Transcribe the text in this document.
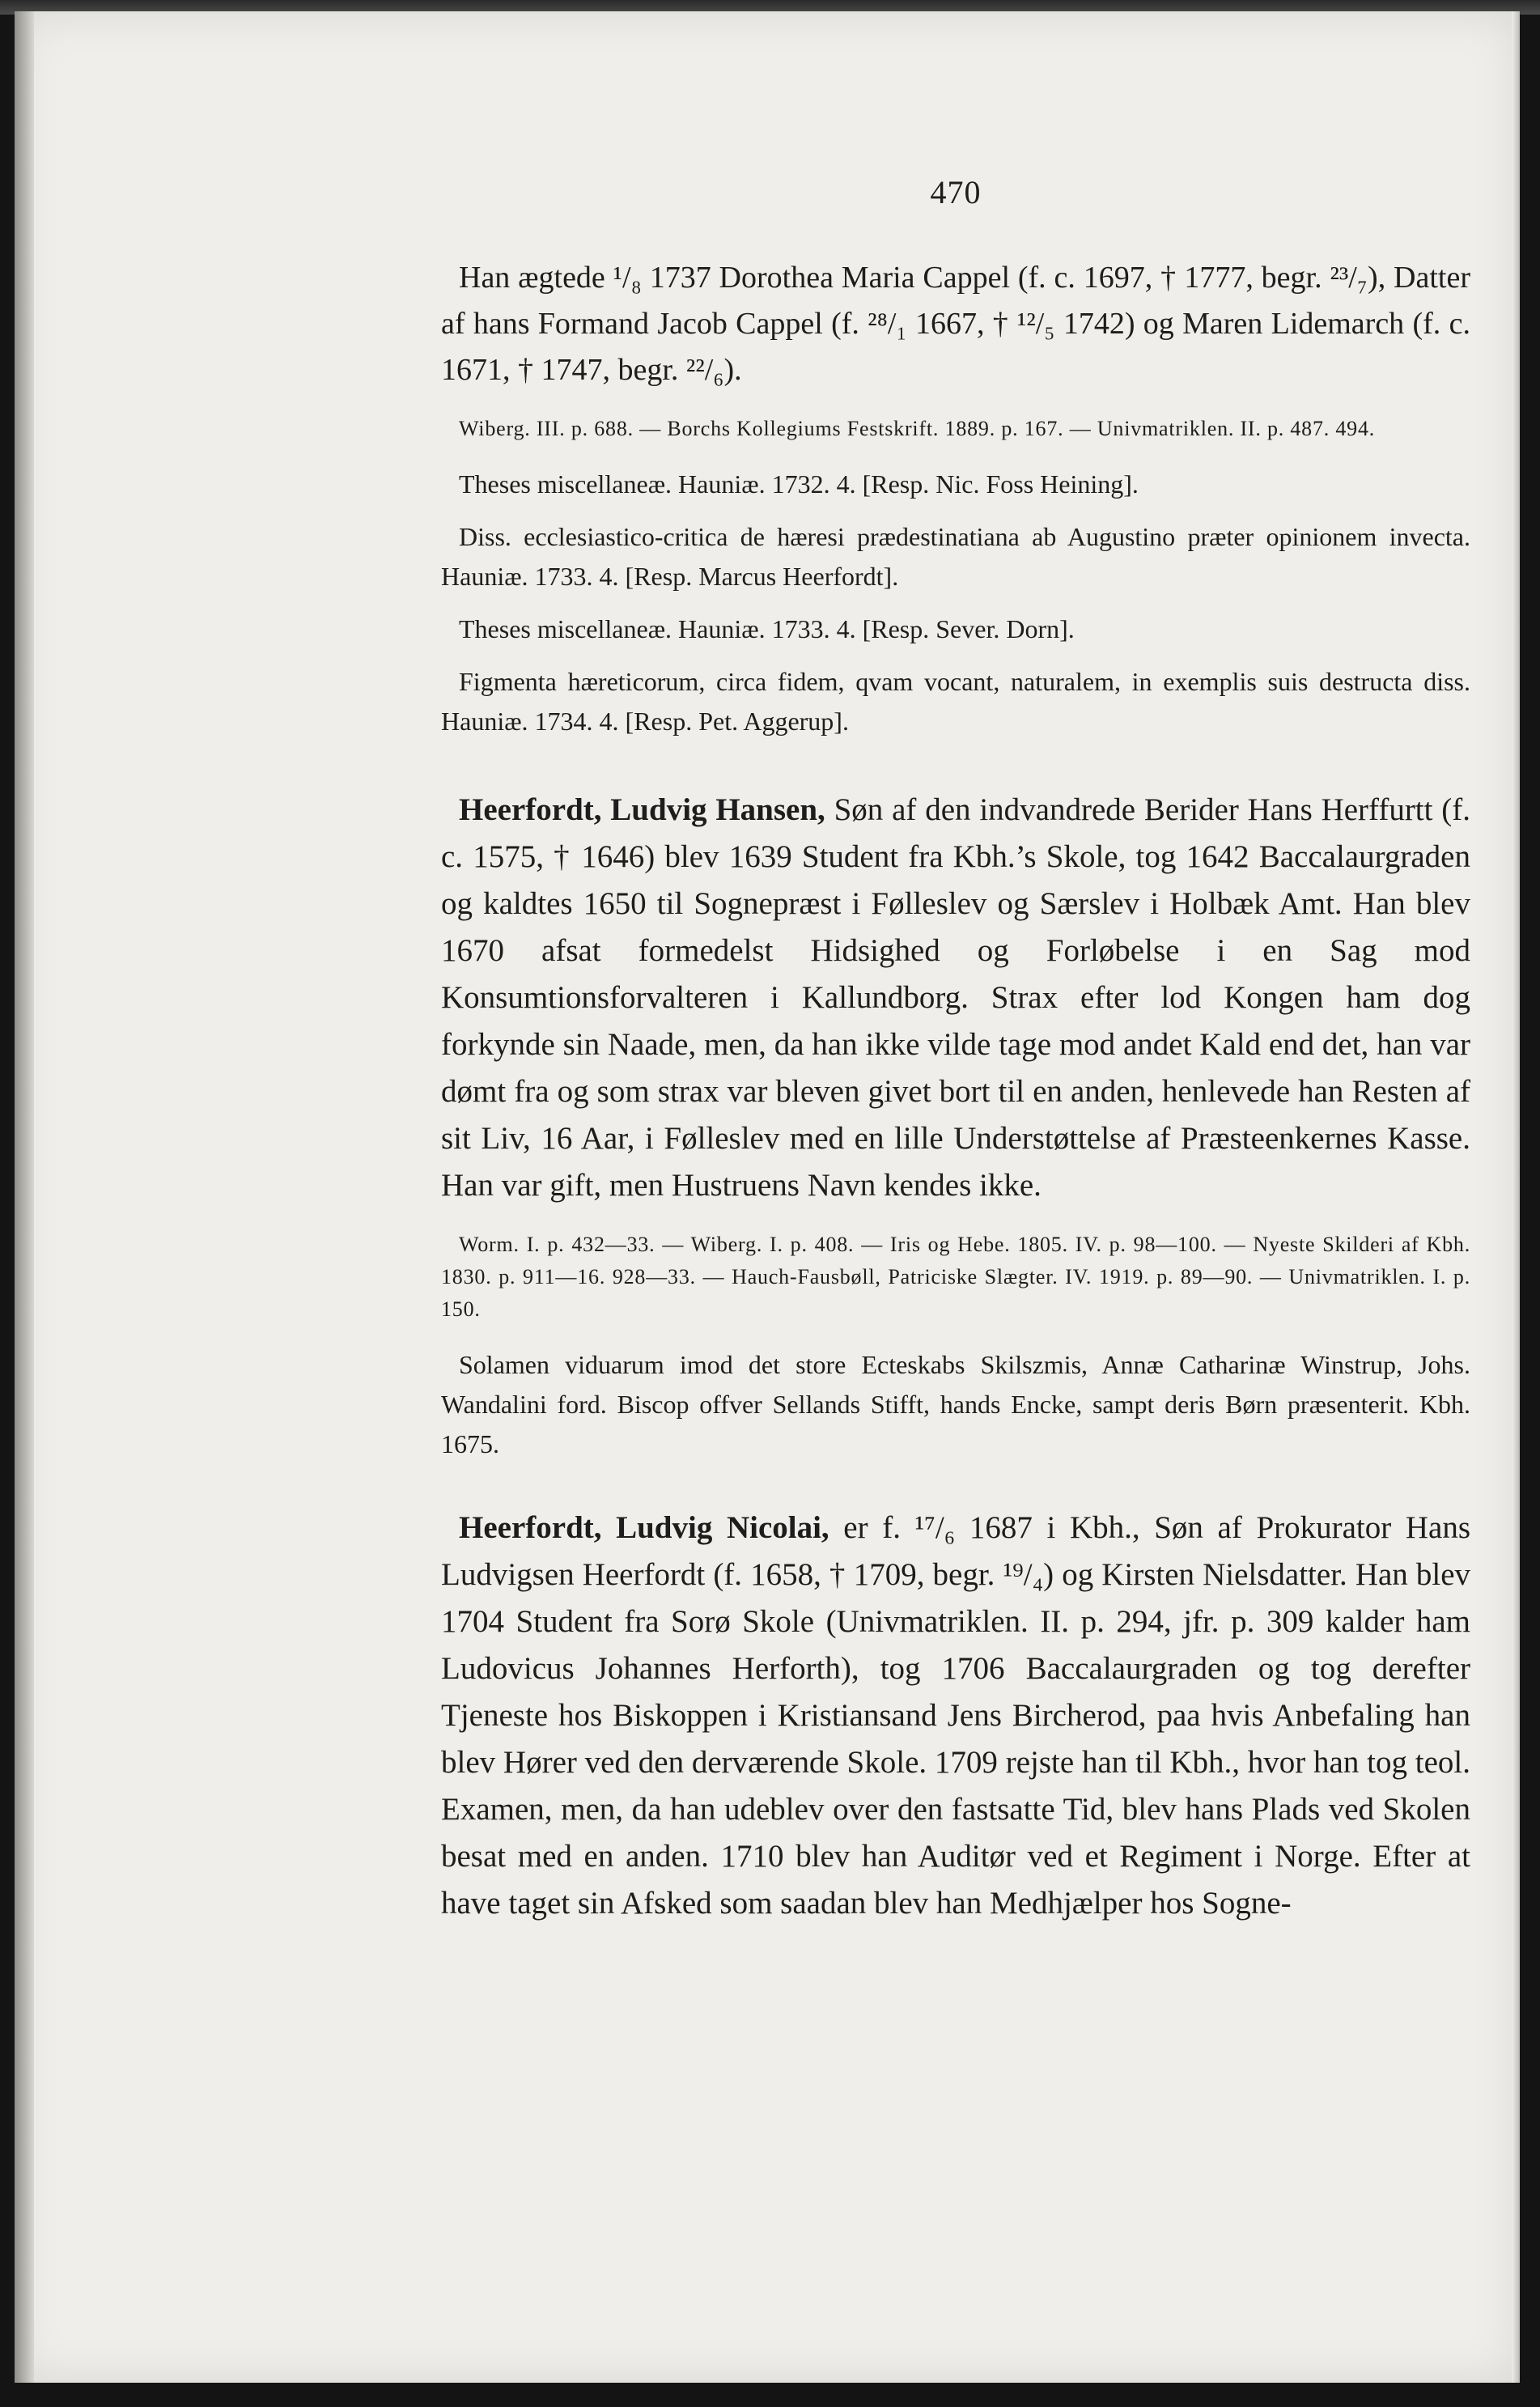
470

Han ægtede ¹/₈ 1737 Dorothea Maria Cappel (f. c. 1697, † 1777, begr. ²³/₇), Datter af hans Formand Jacob Cappel (f. ²⁸/₁ 1667, † ¹²/₅ 1742) og Maren Lidemarch (f. c. 1671, † 1747, begr. ²²/₆).

Wiberg. III. p. 688. — Borchs Kollegiums Festskrift. 1889. p. 167. — Univmatriklen. II. p. 487. 494.

Theses miscellaneæ. Hauniæ. 1732. 4. [Resp. Nic. Foss Heining].

Diss. ecclesiastico-critica de hæresi prædestinatiana ab Augustino præter opinionem invecta. Hauniæ. 1733. 4. [Resp. Marcus Heerfordt].

Theses miscellaneæ. Hauniæ. 1733. 4. [Resp. Sever. Dorn].

Figmenta hæreticorum, circa fidem, qvam vocant, naturalem, in exemplis suis destructa diss. Hauniæ. 1734. 4. [Resp. Pet. Aggerup].

Heerfordt, Ludvig Hansen, Søn af den indvandrede Berider Hans Herffurtt (f. c. 1575, † 1646) blev 1639 Student fra Kbh.’s Skole, tog 1642 Baccalaurgraden og kaldtes 1650 til Sognepræst i Følleslev og Særslev i Holbæk Amt. Han blev 1670 afsat formedelst Hidsighed og Forløbelse i en Sag mod Konsumtionsforvalteren i Kallundborg. Strax efter lod Kongen ham dog forkynde sin Naade, men, da han ikke vilde tage mod andet Kald end det, han var dømt fra og som strax var bleven givet bort til en anden, henlevede han Resten af sit Liv, 16 Aar, i Følleslev med en lille Understøttelse af Præsteenkernes Kasse. Han var gift, men Hustruens Navn kendes ikke.

Worm. I. p. 432—33. — Wiberg. I. p. 408. — Iris og Hebe. 1805. IV. p. 98—100. — Nyeste Skilderi af Kbh. 1830. p. 911—16. 928—33. — Hauch-Fausbøll, Patriciske Slægter. IV. 1919. p. 89—90. — Univmatriklen. I. p. 150.

Solamen viduarum imod det store Ecteskabs Skilszmis, Annæ Catharinæ Winstrup, Johs. Wandalini ford. Biscop offver Sellands Stifft, hands Encke, sampt deris Børn præsenterit. Kbh. 1675.

Heerfordt, Ludvig Nicolai, er f. ¹⁷/₆ 1687 i Kbh., Søn af Prokurator Hans Ludvigsen Heerfordt (f. 1658, † 1709, begr. ¹⁹/₄) og Kirsten Nielsdatter. Han blev 1704 Student fra Sorø Skole (Univmatriklen. II. p. 294, jfr. p. 309 kalder ham Ludovicus Johannes Herforth), tog 1706 Baccalaurgraden og tog derefter Tjeneste hos Biskoppen i Kristiansand Jens Bircherod, paa hvis Anbefaling han blev Hører ved den derværende Skole. 1709 rejste han til Kbh., hvor han tog teol. Examen, men, da han udeblev over den fastsatte Tid, blev hans Plads ved Skolen besat med en anden. 1710 blev han Auditør ved et Regiment i Norge. Efter at have taget sin Afsked som saadan blev han Medhjælper hos Sogne-
